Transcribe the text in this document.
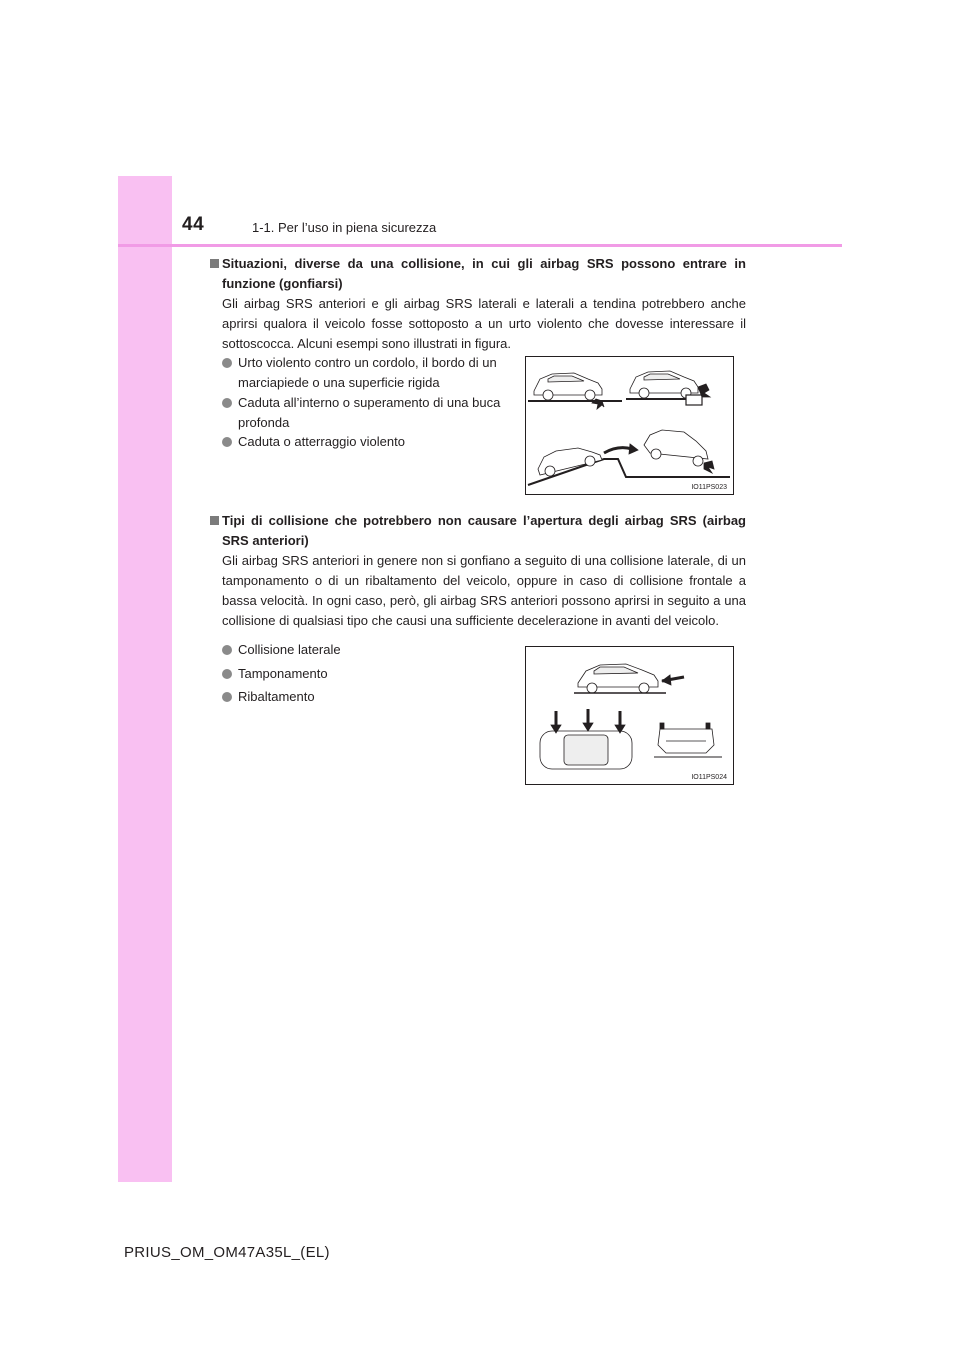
44	1-1. Per l’uso in piena sicurezza
Situazioni, diverse da una collisione, in cui gli airbag SRS possono entrare in funzione (gonfiarsi)
Gli airbag SRS anteriori e gli airbag SRS laterali e laterali a tendina potrebbero anche aprirsi qualora il veicolo fosse sottoposto a un urto violento che dovesse interessare il sottoscocca. Alcuni esempi sono illustrati in figura.
Urto violento contro un cordolo, il bordo di un marciapiede o una superficie rigida
Caduta all’interno o superamento di una buca profonda
Caduta o atterraggio violento
IO11PS023
Tipi di collisione che potrebbero non causare l’apertura degli airbag SRS (airbag SRS anteriori)
Gli airbag SRS anteriori in genere non si gonfiano a seguito di una collisione laterale, di un tamponamento o di un ribaltamento del veicolo, oppure in caso di collisione frontale a bassa velocità. In ogni caso, però, gli airbag SRS anteriori possono aprirsi in seguito a una collisione di qualsiasi tipo che causi una sufficiente decelerazione in avanti del veicolo.
Collisione laterale
Tamponamento
Ribaltamento
IO11PS024
PRIUS_OM_OM47A35L_(EL)
